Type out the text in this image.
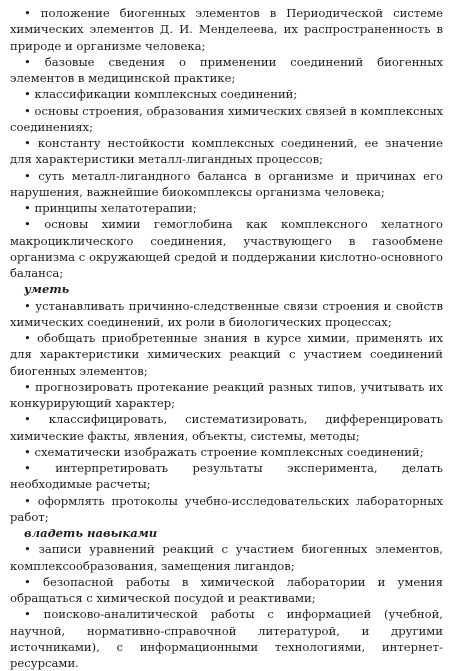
• положение биогенных элементов в Периодической системе химических элементов Д. И. Менделеева, их распространенность в природе и организме человека;

• базовые сведения о применении соединений биогенных элементов в медицинской практике;

• классификации комплексных соединений;

• основы строения, образования химических связей в комплексных соединениях;

• константу нестойкости комплексных соединений, ее значение для характеристики металл-лигандных процессов;

• суть металл-лигандного баланса в организме и причинах его нарушения, важнейшие биокомплексы организма человека;

• принципы хелатотерапии;

• основы химии гемоглобина как комплексного хелатного макроциклического соединения, участвующего в газообмене организма с окружающей средой и поддержании кислотно-основного баланса;

уметь

• устанавливать причинно-следственные связи строения и свойств химических соединений, их роли в биологических процессах;

• обобщать приобретенные знания в курсе химии, применять их для характеристики химических реакций с участием соединений биогенных элементов;

• прогнозировать протекание реакций разных типов, учитывать их конкурирующий характер;

• классифицировать, систематизировать, дифференцировать химические факты, явления, объекты, системы, методы;

• схематически изображать строение комплексных соединений;

• интерпретировать результаты эксперимента, делать необходимые расчеты;

• оформлять протоколы учебно-исследовательских лабораторных работ;

владеть навыками

• записи уравнений реакций с участием биогенных элементов, комплексообразования, замещения лигандов;

• безопасной работы в химической лаборатории и умения обращаться с химической посудой и реактивами;

• поисково-аналитической работы с информацией (учебной, научной, нормативно-справочной литературой, и другими источниками), с информационными технологиями, интернет-ресурсами.
